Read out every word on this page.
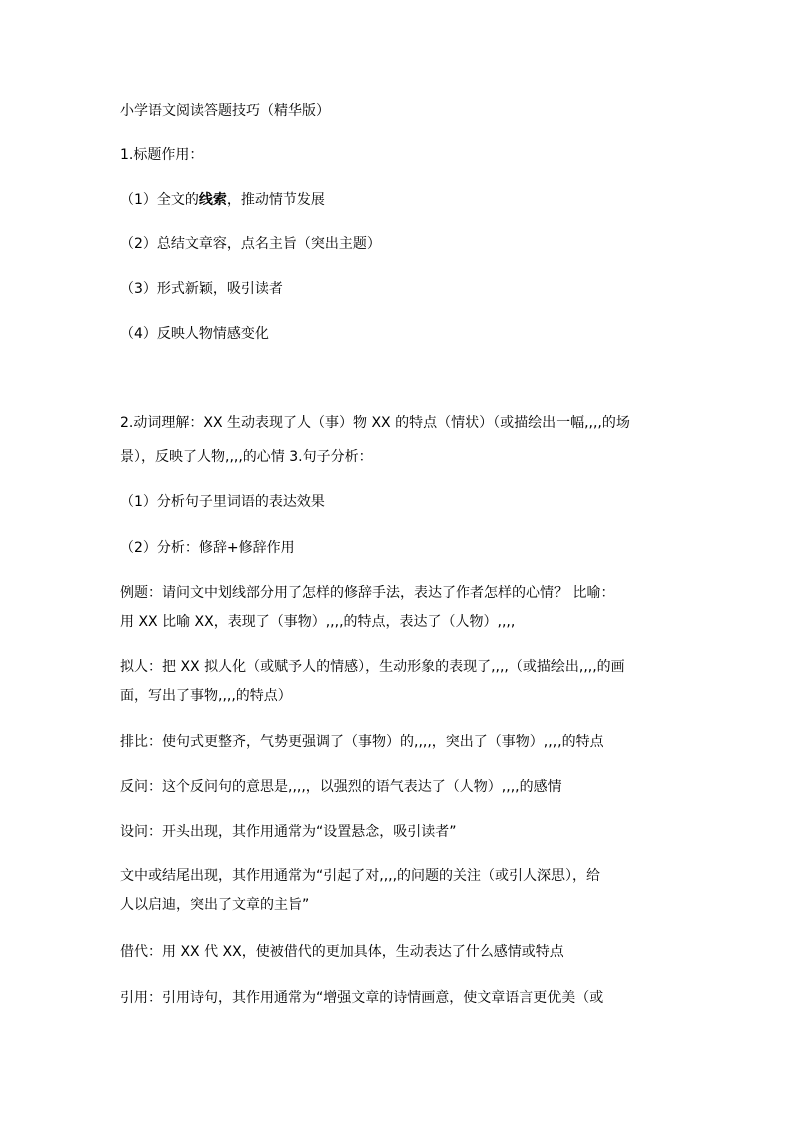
小学语文阅读答题技巧（精华版）
1.标题作用：
（1）全文的线索，推动情节发展
（2）总结文章容，点名主旨（突出主题）
（3）形式新颖，吸引读者
（4）反映人物情感变化
2.动词理解：XX 生动表现了人（事）物 XX 的特点（情状）（或描绘出一幅,,,,的场
景），反映了人物,,,,的心情 3.句子分析：
（1）分析句子里词语的表达效果
（2）分析：修辞+修辞作用
例题：请问文中划线部分用了怎样的修辞手法，表达了作者怎样的心情？ 比喻：
用 XX 比喻 XX，表现了（事物）,,,,的特点，表达了（人物）,,,,
拟人：把 XX 拟人化（或赋予人的情感），生动形象的表现了,,,,（或描绘出,,,,的画
面，写出了事物,,,,的特点）
排比：使句式更整齐，气势更强调了（事物）的,,,,，突出了（事物）,,,,的特点
反问：这个反问句的意思是,,,,，以强烈的语气表达了（人物）,,,,的感情
设问：开头出现，其作用通常为“设置悬念，吸引读者”
文中或结尾出现，其作用通常为“引起了对,,,,的问题的关注（或引人深思），给
人以启迪，突出了文章的主旨”
借代：用 XX 代 XX，使被借代的更加具体，生动表达了什么感情或特点
引用：引用诗句，其作用通常为“增强文章的诗情画意，使文章语言更优美（或
